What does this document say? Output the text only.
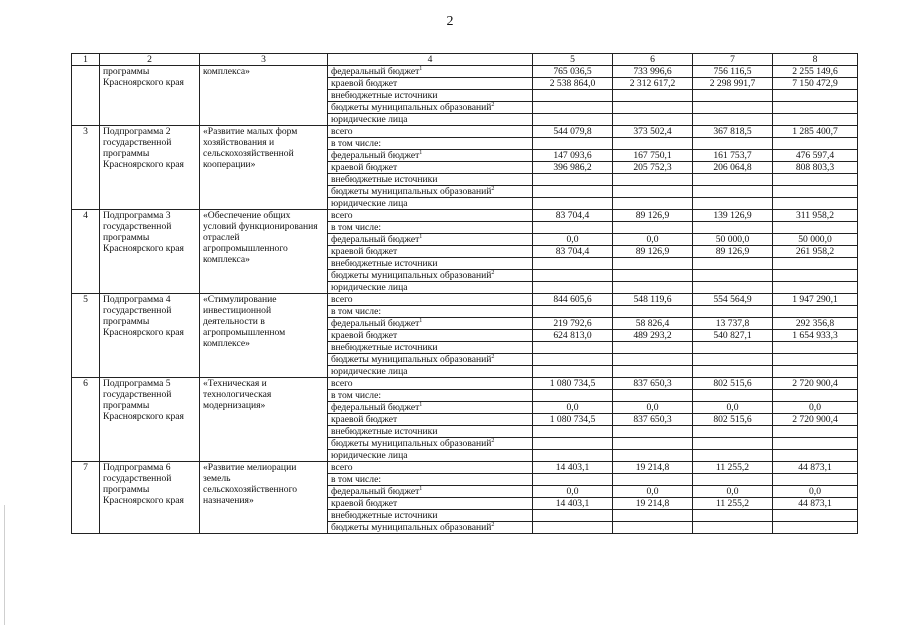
2
1	2	3	4	5	6	7	8
	программы Красноярского края	комплекса»	федеральный бюджет$^1$	765 036,5	733 996,6	756 116,5	2 255 149,6
			краевой бюджет	2 538 864,0	2 312 617,2	2 298 991,7	7 150 472,9
			внебюджетные источники				
			бюджеты муниципальных образований$^2$				
			юридические лица				
3	Подпрограмма 2 государственной программы Красноярского края	«Развитие малых форм хозяйствования и сельскохозяйственной кооперации»	всего	544 079,8	373 502,4	367 818,5	1 285 400,7
			в том числе:				
			федеральный бюджет$^1$	147 093,6	167 750,1	161 753,7	476 597,4
			краевой бюджет	396 986,2	205 752,3	206 064,8	808 803,3
			внебюджетные источники				
			бюджеты муниципальных образований$^2$				
			юридические лица				
4	Подпрограмма 3 государственной программы Красноярского края	«Обеспечение общих условий функционирования отраслей агропромышленного комплекса»	всего	83 704,4	89 126,9	139 126,9	311 958,2
			в том числе:				
			федеральный бюджет$^1$	0,0	0,0	50 000,0	50 000,0
			краевой бюджет	83 704,4	89 126,9	89 126,9	261 958,2
			внебюджетные источники				
			бюджеты муниципальных образований$^2$				
			юридические лица				
5	Подпрограмма 4 государственной программы Красноярского края	«Стимулирование инвестиционной деятельности в агропромышленном комплексе»	всего	844 605,6	548 119,6	554 564,9	1 947 290,1
			в том числе:				
			федеральный бюджет$^1$	219 792,6	58 826,4	13 737,8	292 356,8
			краевой бюджет	624 813,0	489 293,2	540 827,1	1 654 933,3
			внебюджетные источники				
			бюджеты муниципальных образований$^2$				
			юридические лица				
6	Подпрограмма 5 государственной программы Красноярского края	«Техническая и технологическая модернизация»	всего	1 080 734,5	837 650,3	802 515,6	2 720 900,4
			в том числе:				
			федеральный бюджет$^1$	0,0	0,0	0,0	0,0
			краевой бюджет	1 080 734,5	837 650,3	802 515,6	2 720 900,4
			внебюджетные источники				
			бюджеты муниципальных образований$^2$				
			юридические лица				
7	Подпрограмма 6 государственной программы Красноярского края	«Развитие мелиорации земель сельскохозяйственного назначения»	всего	14 403,1	19 214,8	11 255,2	44 873,1
			в том числе:				
			федеральный бюджет$^1$	0,0	0,0	0,0	0,0
			краевой бюджет	14 403,1	19 214,8	11 255,2	44 873,1
			внебюджетные источники				
			бюджеты муниципальных образований$^2$				
